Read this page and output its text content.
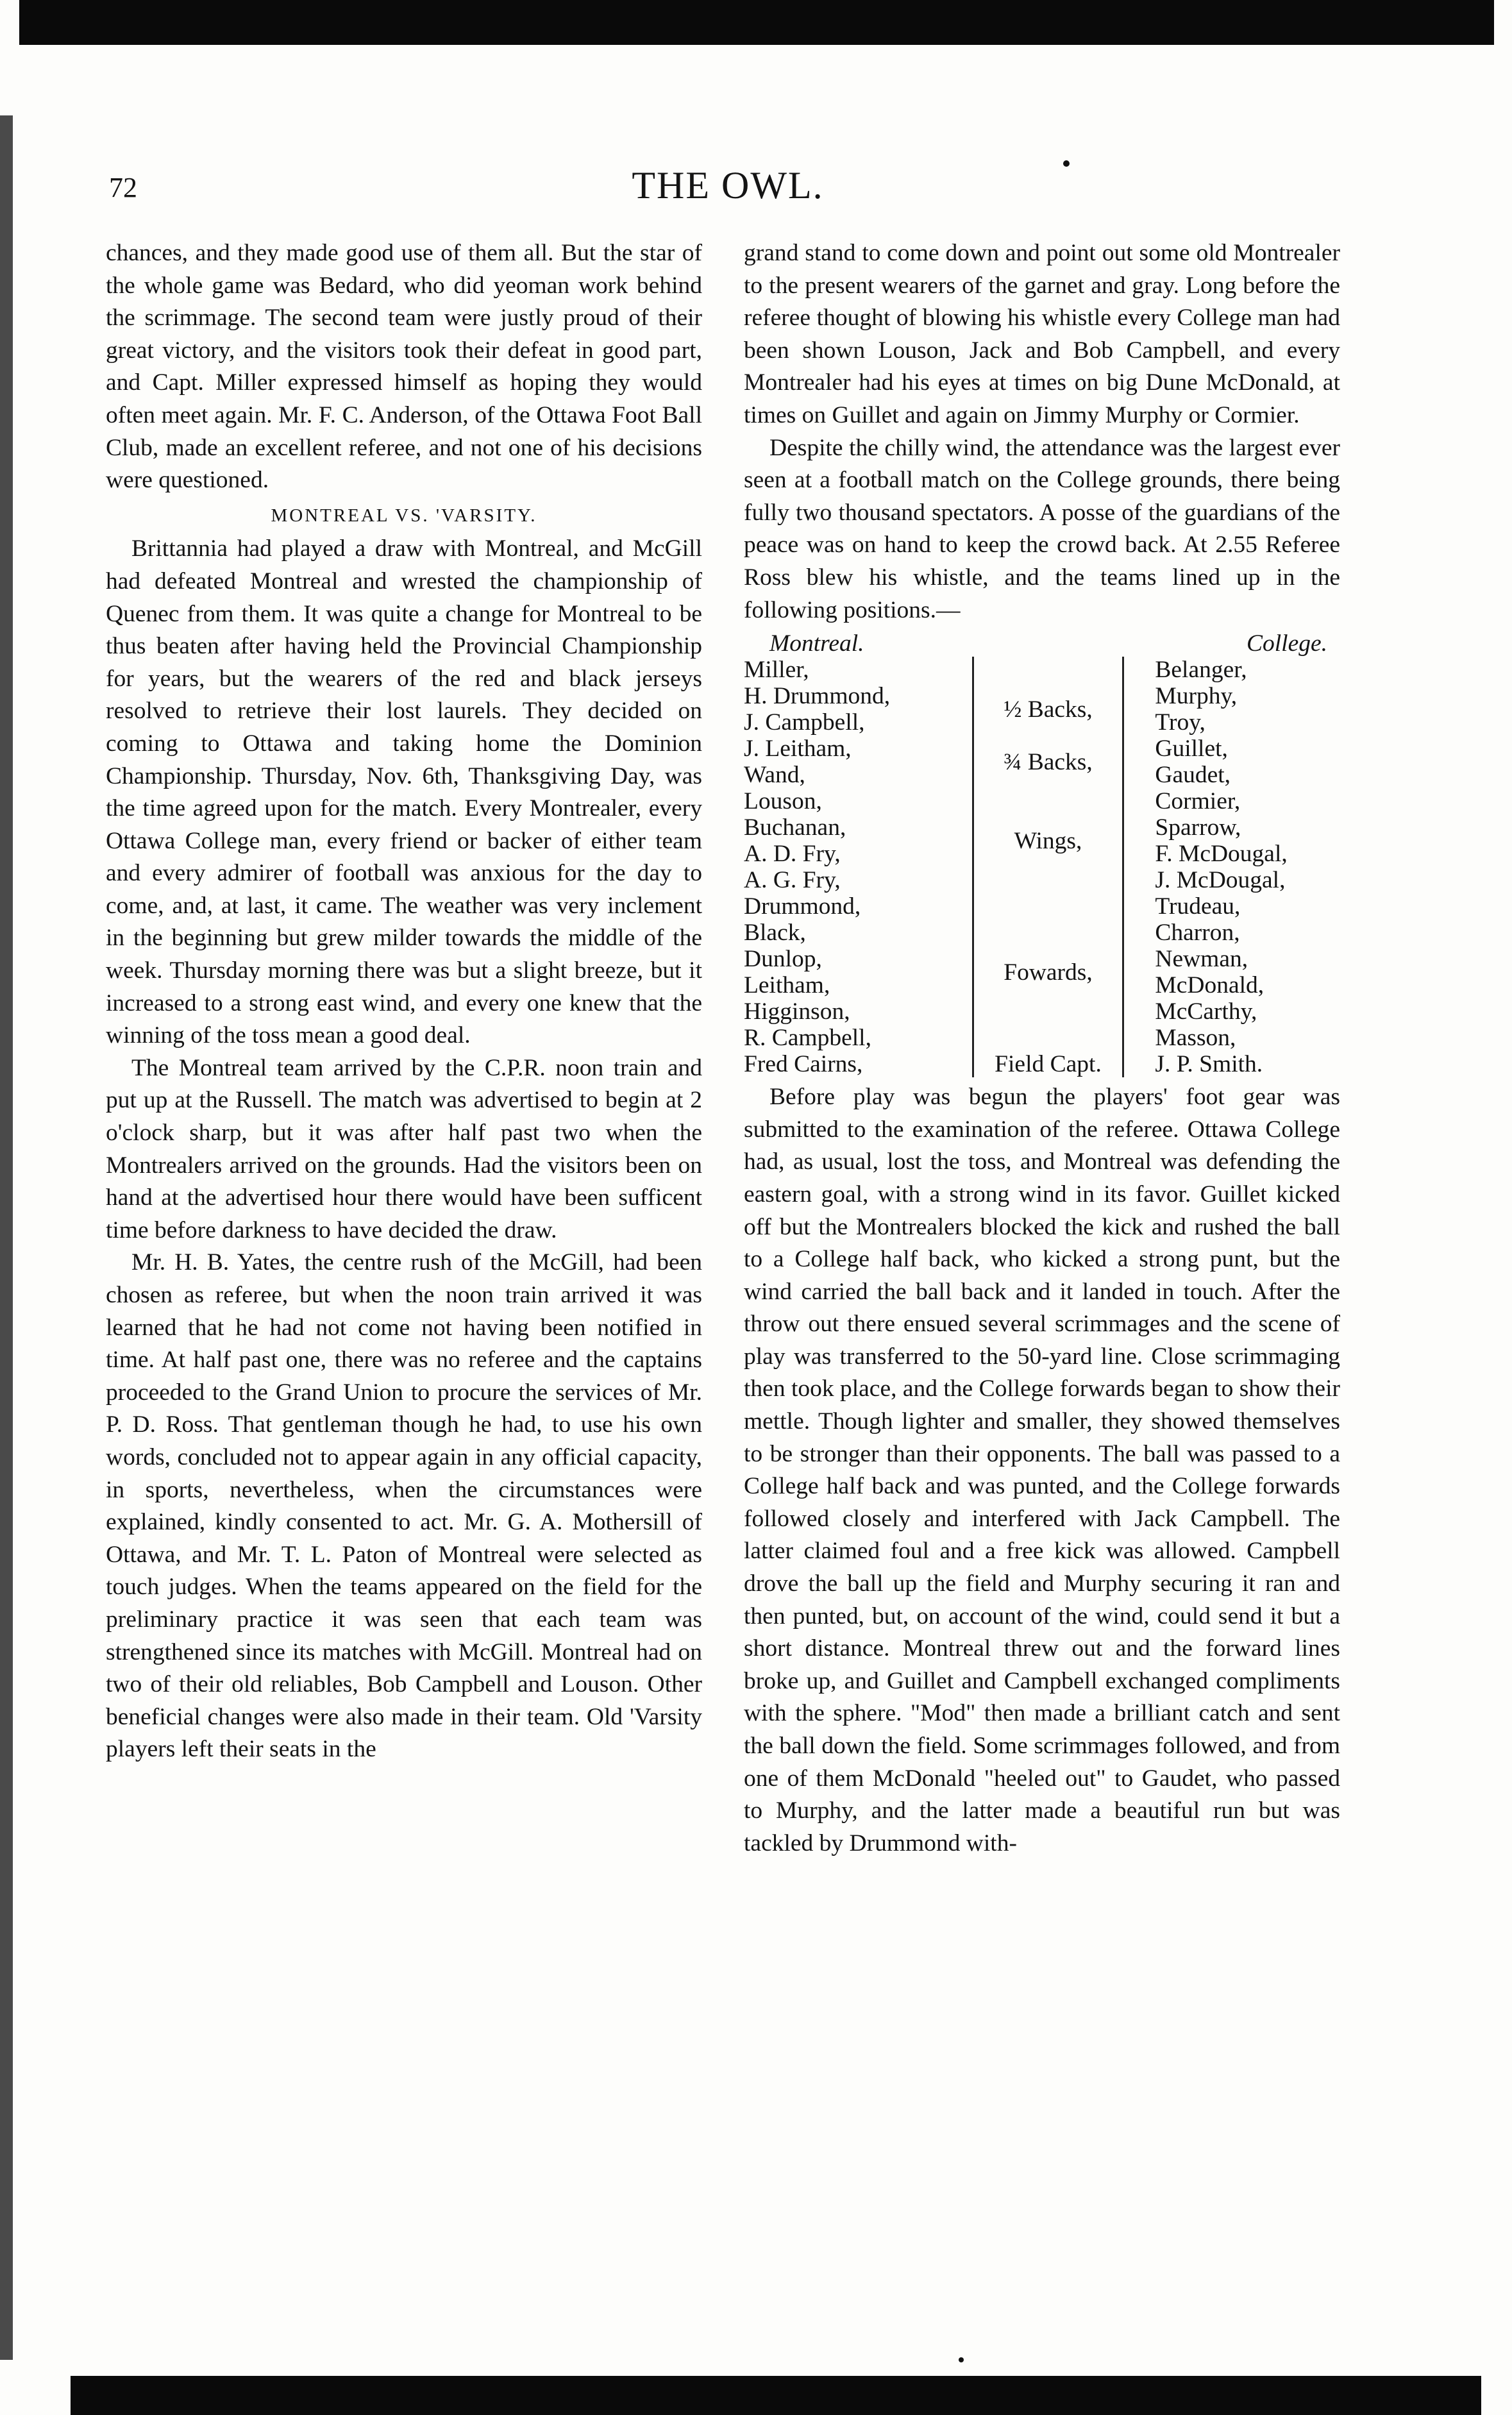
72	THE OWL.

chances, and they made good use of them all. But the star of the whole game was Bedard, who did yeoman work behind the scrimmage. The second team were justly proud of their great victory, and the visitors took their defeat in good part, and Capt. Miller expressed himself as hoping they would often meet again. Mr. F. C. Anderson, of the Ottawa Foot Ball Club, made an excellent referee, and not one of his decisions were questioned.

MONTREAL VS. 'VARSITY.

Brittannia had played a draw with Montreal, and McGill had defeated Montreal and wrested the championship of Quenec from them. It was quite a change for Montreal to be thus beaten after having held the Provincial Championship for years, but the wearers of the red and black jerseys resolved to retrieve their lost laurels. They decided on coming to Ottawa and taking home the Dominion Championship. Thursday, Nov. 6th, Thanksgiving Day, was the time agreed upon for the match. Every Montrealer, every Ottawa College man, every friend or backer of either team and every admirer of football was anxious for the day to come, and, at last, it came. The weather was very inclement in the beginning but grew milder towards the middle of the week. Thursday morning there was but a slight breeze, but it increased to a strong east wind, and every one knew that the winning of the toss mean a good deal.

The Montreal team arrived by the C.P.R. noon train and put up at the Russell. The match was advertised to begin at 2 o'clock sharp, but it was after half past two when the Montrealers arrived on the grounds. Had the visitors been on hand at the advertised hour there would have been sufficent time before darkness to have decided the draw.

Mr. H. B. Yates, the centre rush of the McGill, had been chosen as referee, but when the noon train arrived it was learned that he had not come not having been notified in time. At half past one, there was no referee and the captains proceeded to the Grand Union to procure the services of Mr. P. D. Ross. That gentleman though he had, to use his own words, concluded not to appear again in any official capacity, in sports, nevertheless, when the circumstances were explained, kindly consented to act. Mr. G. A. Mothersill of Ottawa, and Mr. T. L. Paton of Montreal were selected as touch judges. When the teams appeared on the field for the preliminary practice it was seen that each team was strengthened since its matches with McGill. Montreal had on two of their old reliables, Bob Campbell and Louson. Other beneficial changes were also made in their team. Old 'Varsity players left their seats in the

grand stand to come down and point out some old Montrealer to the present wearers of the garnet and gray. Long before the referee thought of blowing his whistle every College man had been shown Louson, Jack and Bob Campbell, and every Montrealer had his eyes at times on big Dune McDonald, at times on Guillet and again on Jimmy Murphy or Cormier.

Despite the chilly wind, the attendance was the largest ever seen at a football match on the College grounds, there being fully two thousand spectators. A posse of the guardians of the peace was on hand to keep the crowd back. At 2.55 Referee Ross blew his whistle, and the teams lined up in the following positions.—

Montreal.				College.
Miller,				Belanger,
H. Drummond,		½ Backs,		Murphy,
J. Campbell,				Troy,
J. Leitham,		¾ Backs,		Guillet,
Wand,				Gaudet,
Louson,		Wings,		Cormier,
Buchanan,				Sparrow,
A. D. Fry,				F. McDougal,
A. G. Fry,				J. McDougal,
Drummond,		Fowards,		Trudeau,
Black,				Charron,
Dunlop,				Newman,
Leitham,				McDonald,
Higginson,				McCarthy,
R. Campbell,				Masson,
Fred Cairns,		Field Capt.		J. P. Smith.

Before play was begun the players' foot gear was submitted to the examination of the referee. Ottawa College had, as usual, lost the toss, and Montreal was defending the eastern goal, with a strong wind in its favor. Guillet kicked off but the Montrealers blocked the kick and rushed the ball to a College half back, who kicked a strong punt, but the wind carried the ball back and it landed in touch. After the throw out there ensued several scrimmages and the scene of play was transferred to the 50-yard line. Close scrimmaging then took place, and the College forwards began to show their mettle. Though lighter and smaller, they showed themselves to be stronger than their opponents. The ball was passed to a College half back and was punted, and the College forwards followed closely and interfered with Jack Campbell. The latter claimed foul and a free kick was allowed. Campbell drove the ball up the field and Murphy securing it ran and then punted, but, on account of the wind, could send it but a short distance. Montreal threw out and the forward lines broke up, and Guillet and Campbell exchanged compliments with the sphere. "Mod" then made a brilliant catch and sent the ball down the field. Some scrimmages followed, and from one of them McDonald "heeled out" to Gaudet, who passed to Murphy, and the latter made a beautiful run but was tackled by Drummond with-
